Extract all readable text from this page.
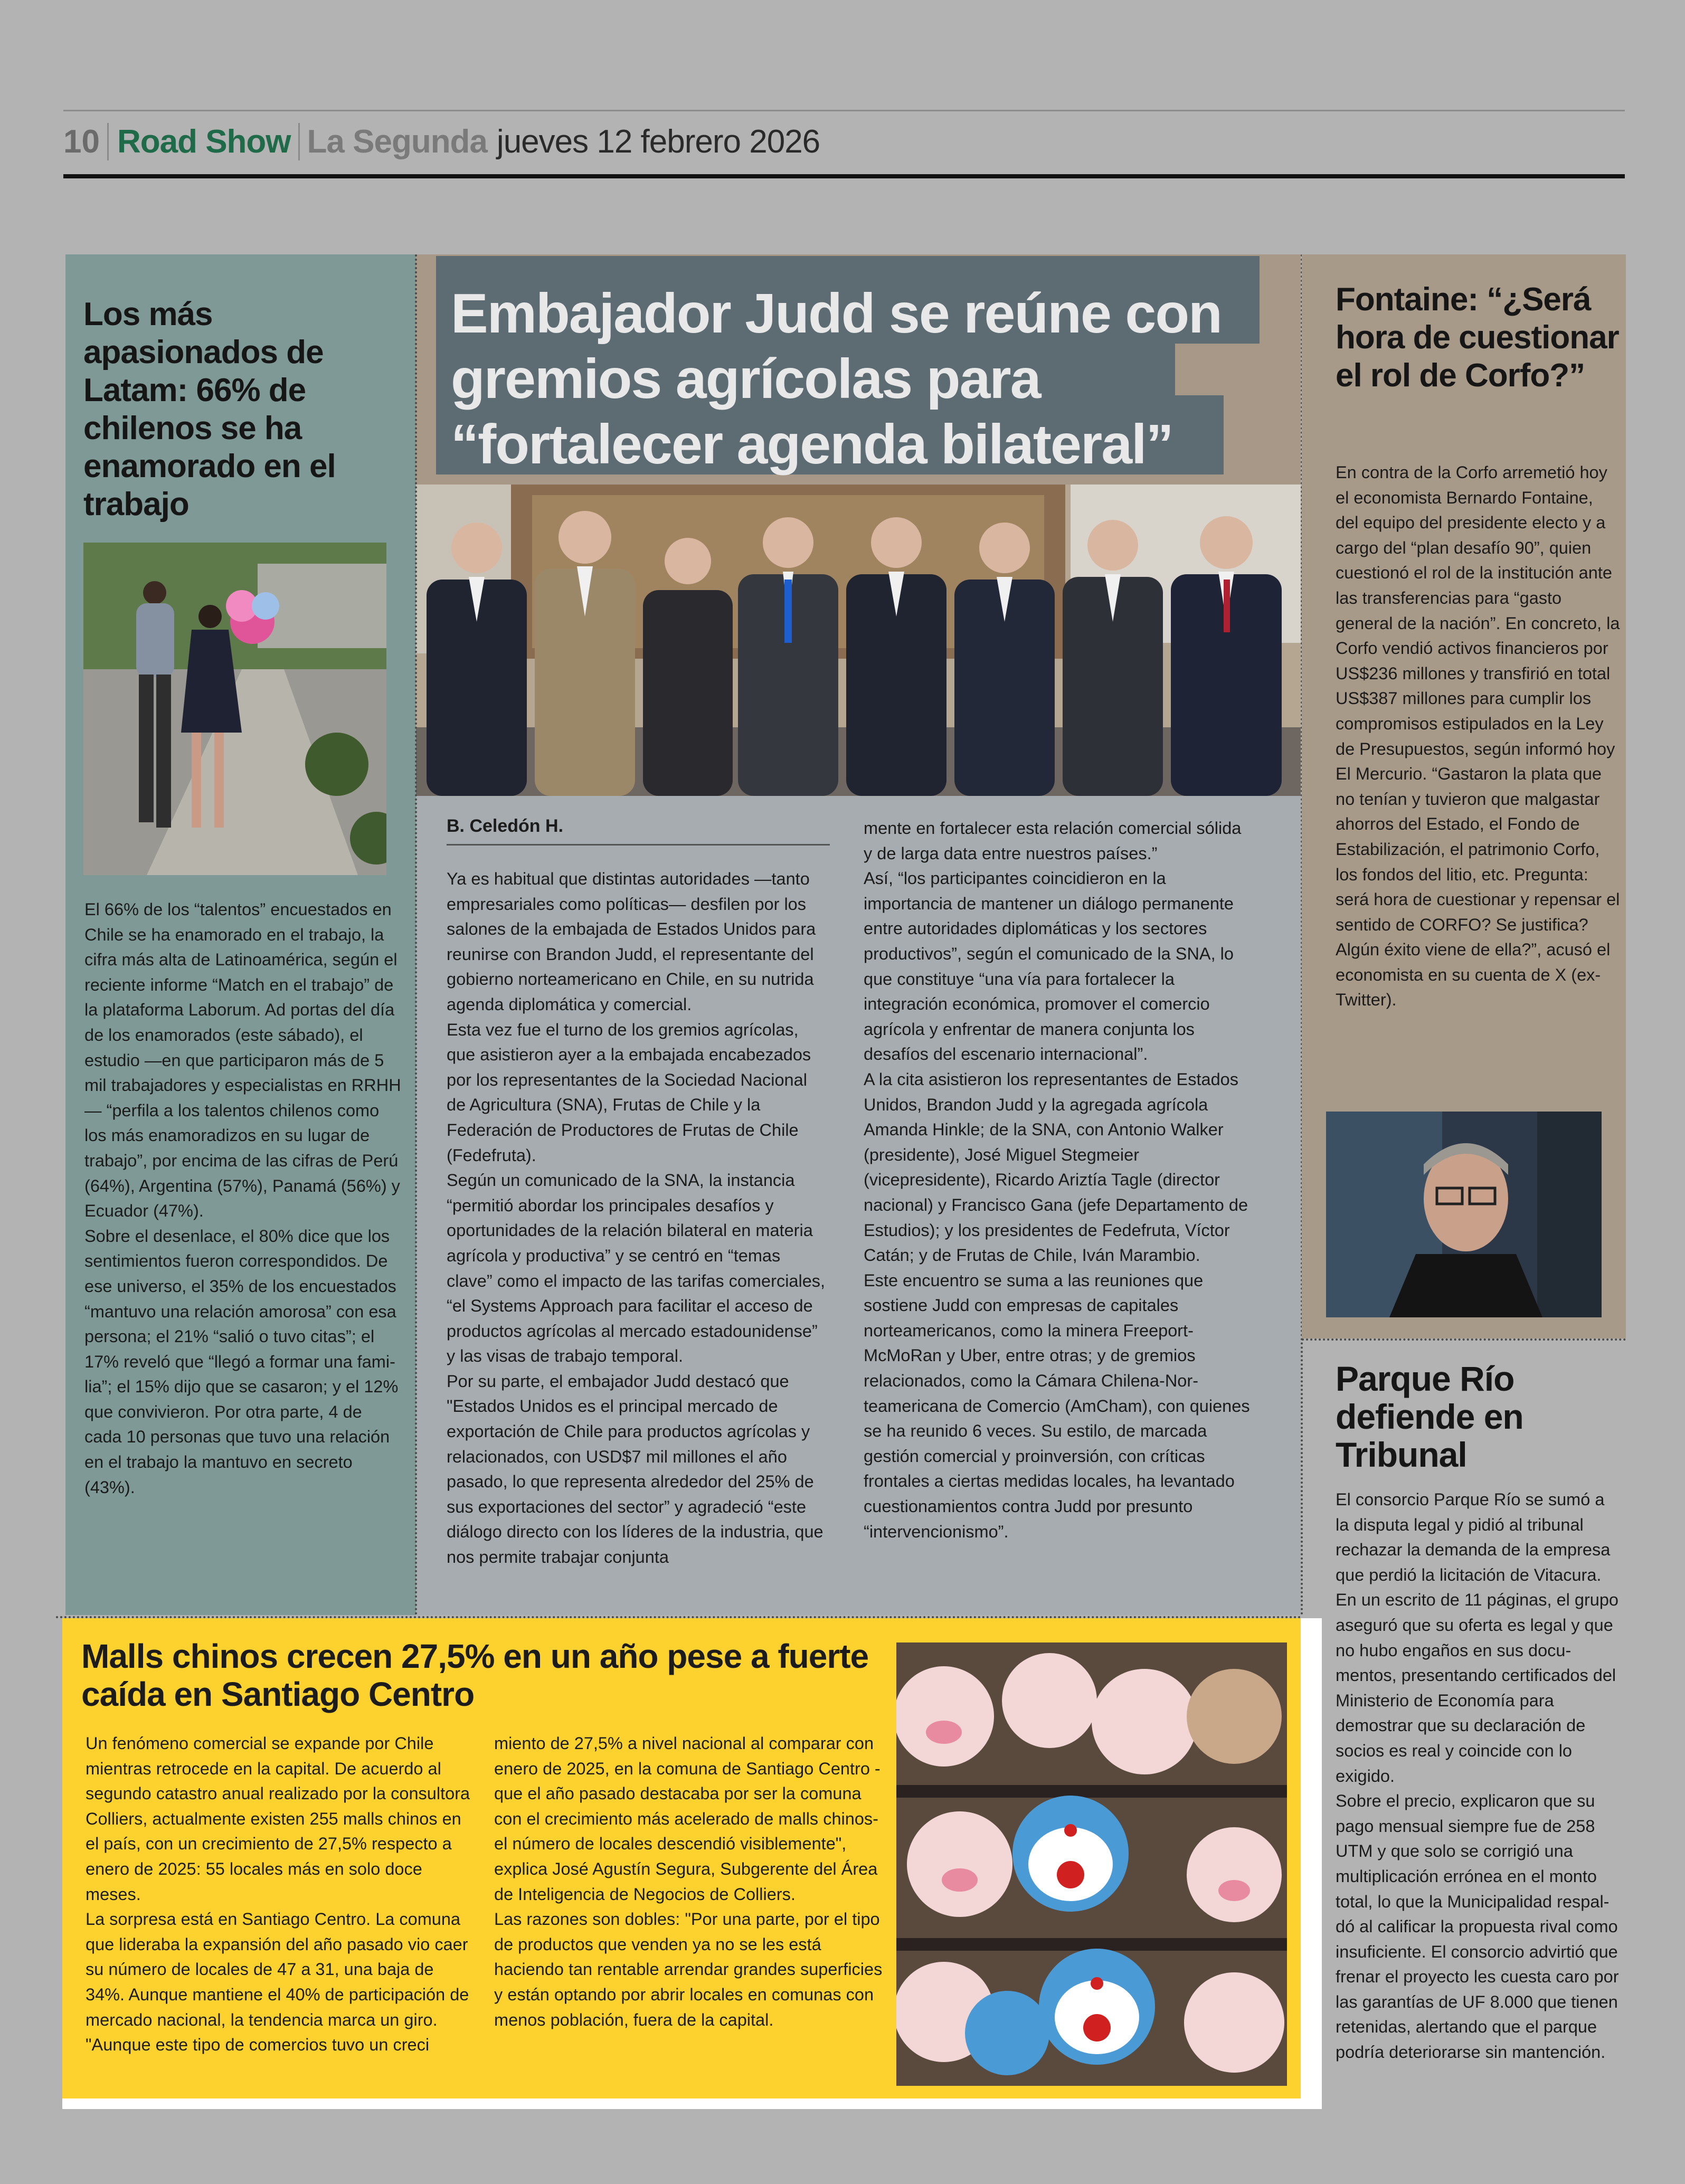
10 Road Show La Segunda jueves 12 febrero 2026
Los más apasionados de Latam: 66% de chilenos se ha enamorado en el trabajo

El 66% de los “talentos” encuestados en Chile se ha enamorado en el trabajo, la cifra más alta de Latinoamérica, según el reciente informe “Match en el trabajo” de la plataforma Laborum. Ad portas del día de los enamorados (este sábado), el estudio —en que participaron más de 5 mil trabajadores y especialistas en RRHH— “perfila a los talentos chilenos como los más enamoradizos en su lugar de trabajo”, por encima de las cifras de Perú (64%), Argentina (57%), Panamá (56%) y Ecuador (47%).
Sobre el desenlace, el 80% dice que los sentimientos fueron correspondidos. De ese universo, el 35% de los encuestados “mantuvo una relación amorosa” con esa persona; el 21% “salió o tuvo citas”; el 17% reveló que “llegó a formar una familia”; el 15% dijo que se casaron; y el 12% que convivieron. Por otra parte, 4 de cada 10 personas que tuvo una relación en el trabajo la mantuvo en secreto (43%).

Embajador Judd se reúne con gremios agrícolas para “fortalecer agenda bilateral”
B. Celedón H.

Ya es habitual que distintas autoridades —tanto empresariales como políticas— desfilen por los salones de la embajada de Estados Unidos para reunirse con Brandon Judd, el representante del gobierno norteamericano en Chile, en su nutrida agenda diplomática y comercial.
Esta vez fue el turno de los gremios agrícolas, que asistieron ayer a la embajada encabezados por los representantes de la Sociedad Nacional de Agricultura (SNA), Frutas de Chile y la Federación de Productores de Frutas de Chile (Fedefruta).
Según un comunicado de la SNA, la instancia “permitió abordar los principales desafíos y oportunidades de la relación bilateral en materia agrícola y productiva” y se centró en “temas clave” como el impacto de las tarifas comerciales, “el Systems Approach para facilitar el acceso de productos agrícolas al mercado estadounidense” y las visas de trabajo temporal.
Por su parte, el embajador Judd destacó que "Estados Unidos es el principal mercado de exportación de Chile para productos agrícolas y relacionados, con USD$7 mil millones el año pasado, lo que representa alrededor del 25% de sus exportaciones del sector” y agradeció “este diálogo directo con los líderes de la industria, que nos permite trabajar conjunta

mente en fortalecer esta relación comercial sólida y de larga data entre nuestros países.”
Así, “los participantes coincidieron en la importancia de mantener un diálogo permanente entre autoridades diplomáticas y los sectores productivos”, según el comunicado de la SNA, lo que constituye “una vía para fortalecer la integración económica, promover el comercio agrícola y enfrentar de manera conjunta los desafíos del escenario internacional”.
A la cita asistieron los representantes de Estados Unidos, Brandon Judd y la agregada agrícola Amanda Hinkle; de la SNA, con Antonio Walker (presidente), José Miguel Stegmeier (vicepresidente), Ricardo Ariztía Tagle (director nacional) y Francisco Gana (jefe Departamento de Estudios); y los presidentes de Fedefruta, Víctor Catán; y de Frutas de Chile, Iván Marambio.
Este encuentro se suma a las reuniones que sostiene Judd con empresas de capitales norteamericanos, como la minera Freeport-McMoRan y Uber, entre otras; y de gremios relacionados, como la Cámara Chilena-Norteamericana de Comercio (AmCham), con quienes se ha reunido 6 veces. Su estilo, de marcada gestión comercial y proinversión, con críticas frontales a ciertas medidas locales, ha levantado cuestionamientos contra Judd por presunto “intervencionismo”.

Fontaine: “¿Será hora de cuestionar el rol de Corfo?”

En contra de la Corfo arremetió hoy el economista Bernardo Fontaine, del equipo del presidente electo y a cargo del “plan desafío 90”, quien cuestionó el rol de la institución ante las transferencias para “gasto general de la nación”. En concreto, la Corfo vendió activos financieros por US$236 millones y transfirió en total US$387 millones para cumplir los compromisos estipulados en la Ley de Presupuestos, según informó hoy El Mercurio. “Gastaron la plata que no tenían y tuvieron que malgastar ahorros del Estado, el Fondo de Estabilización, el patrimonio Corfo, los fondos del litio, etc. Pregunta: será hora de cuestionar y repensar el sentido de CORFO? Se justifica? Algún éxito viene de ella?”, acusó el economista en su cuenta de X (ex-Twitter).

Parque Río defiende en Tribunal

El consorcio Parque Río se sumó a la disputa legal y pidió al tribunal rechazar la demanda de la empresa que perdió la licitación de Vitacura. En un escrito de 11 páginas, el grupo aseguró que su oferta es legal y que no hubo engaños en sus documentos, presentando certificados del Ministerio de Economía para demostrar que su declaración de socios es real y coincide con lo exigido.
Sobre el precio, explicaron que su pago mensual siempre fue de 258 UTM y que solo se corrigió una multiplicación errónea en el monto total, lo que la Municipalidad respaldó al calificar la propuesta rival como insuficiente. El consorcio advirtió que frenar el proyecto les cuesta caro por las garantías de UF 8.000 que tienen retenidas, alertando que el parque podría deteriorarse sin mantención.

Malls chinos crecen 27,5% en un año pese a fuerte caída en Santiago Centro

Un fenómeno comercial se expande por Chile mientras retrocede en la capital. De acuerdo al segundo catastro anual realizado por la consultora Colliers, actualmente existen 255 malls chinos en el país, con un crecimiento de 27,5% respecto a enero de 2025: 55 locales más en solo doce meses.
La sorpresa está en Santiago Centro. La comuna que lideraba la expansión del año pasado vio caer su número de locales de 47 a 31, una baja de 34%. Aunque mantiene el 40% de participación de mercado nacional, la tendencia marca un giro.
"Aunque este tipo de comercios tuvo un creci

miento de 27,5% a nivel nacional al comparar con enero de 2025, en la comuna de Santiago Centro -que el año pasado destacaba por ser la comuna con el crecimiento más acelerado de malls chinos- el número de locales descendió visiblemente", explica José Agustín Segura, Subgerente del Área de Inteligencia de Negocios de Colliers.
Las razones son dobles: "Por una parte, por el tipo de productos que venden ya no se les está haciendo tan rentable arrendar grandes superficies y están optando por abrir locales en comunas con menos población, fuera de la capital.
